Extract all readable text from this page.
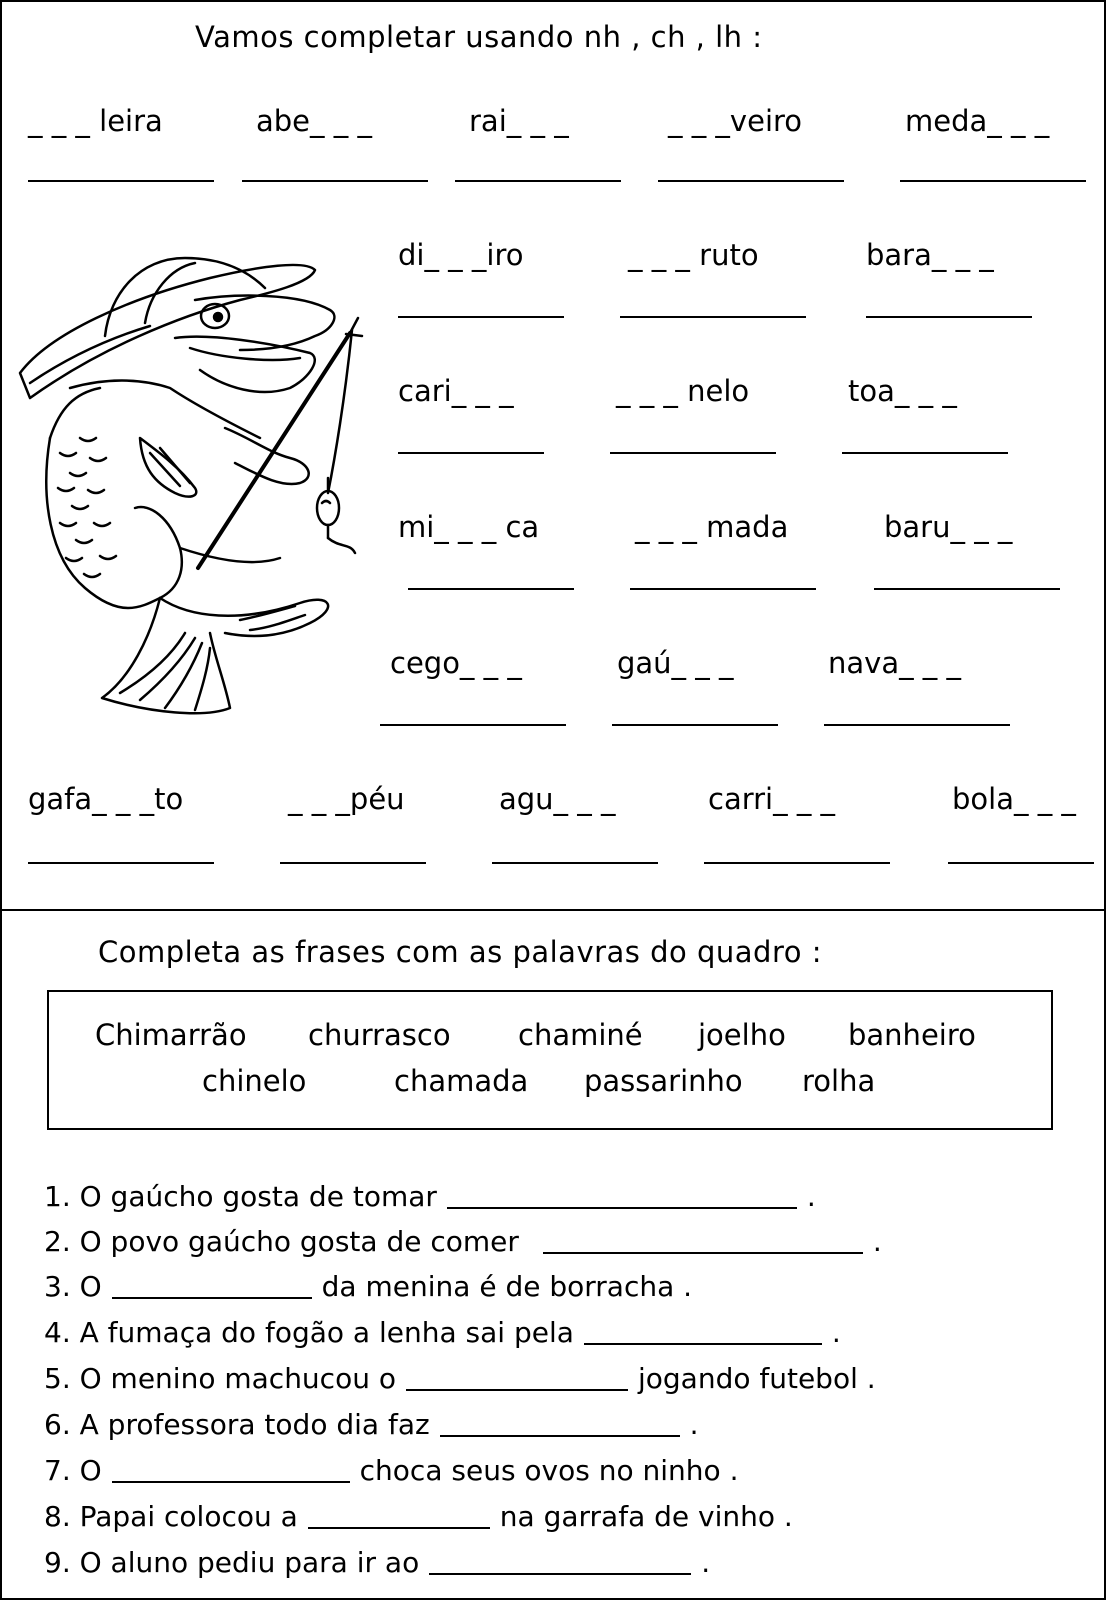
Vamos completar usando nh , ch , lh :
_ _ _ leira	abe_ _ _	rai_ _ _	_ _ _veiro	meda_ _ _
di_ _ _iro	_ _ _ ruto	bara_ _ _
cari_ _ _	_ _ _ nelo	toa_ _ _
mi_ _ _ ca	_ _ _ mada	baru_ _ _
cego_ _ _	gaú_ _ _	nava_ _ _
gafa_ _ _to	_ _ _péu	agu_ _ _	carri_ _ _	bola_ _ _
Completa as frases com as palavras do quadro :
Chimarrão churrasco chaminé joelho banheiro
chinelo	chamada passarinho rolha
1. O gaúcho gosta de tomar	.
2. O povo gaúcho gosta de comer	.
3. O	da menina é de borracha .
4. A fumaça do fogão a lenha sai pela	.
5. O menino machucou o	jogando futebol .
6. A professora todo dia faz	.
7. O	choca seus ovos no ninho .
8. Papai colocou a	na garrafa de vinho .
9. O aluno pediu para ir ao	.
